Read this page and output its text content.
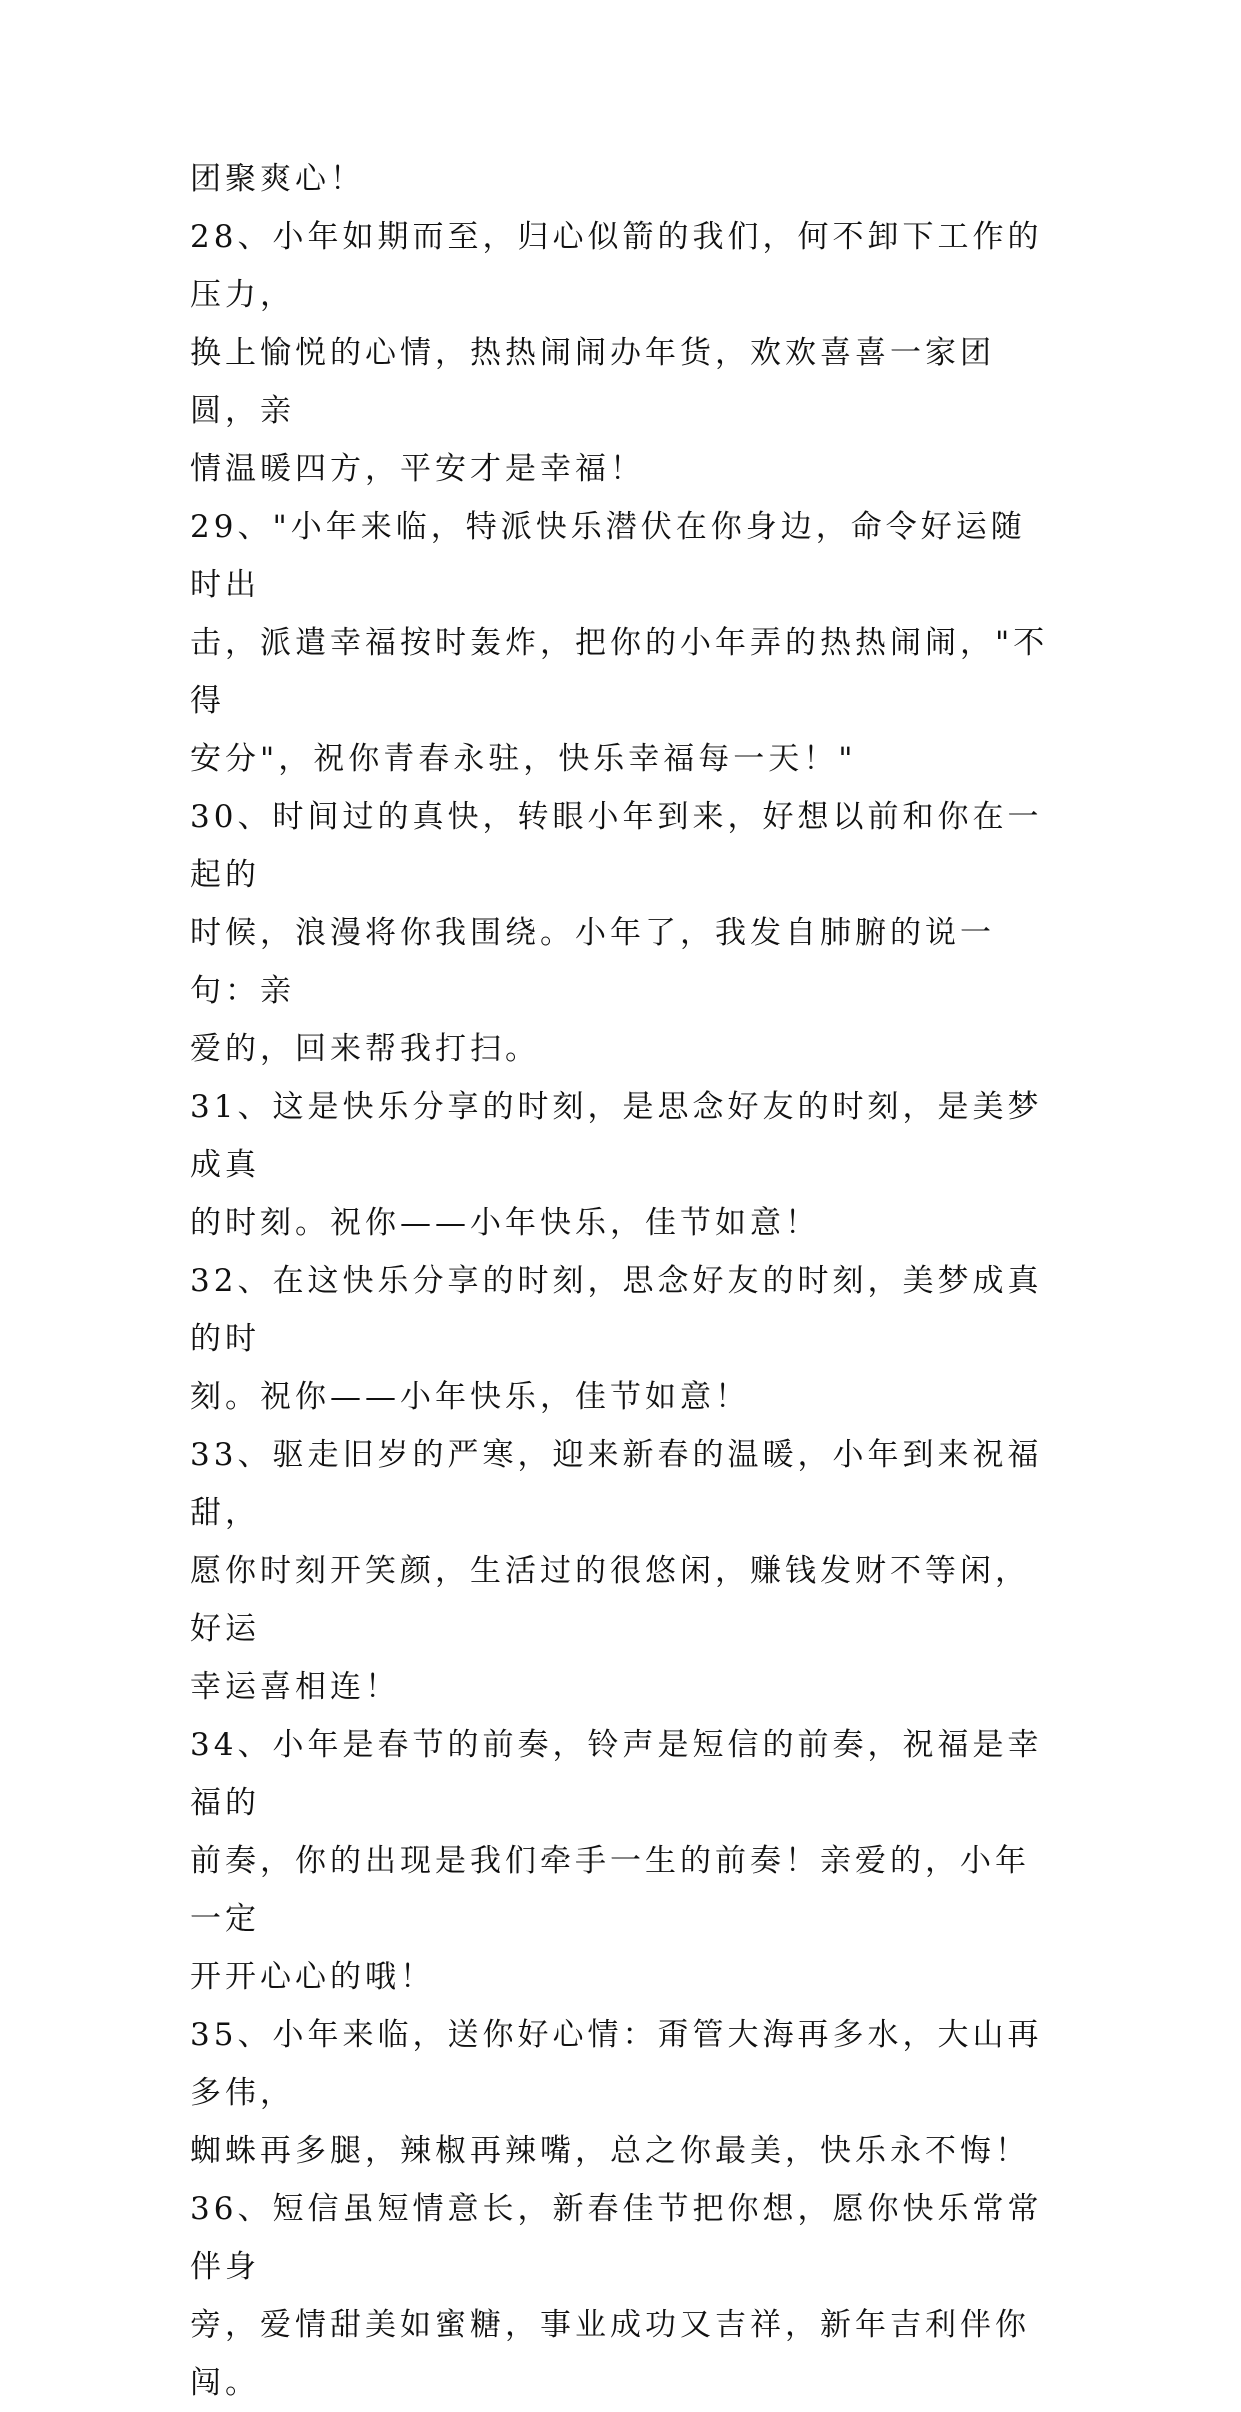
团聚爽心！
28、小年如期而至，归心似箭的我们，何不卸下工作的压力，
换上愉悦的心情，热热闹闹办年货，欢欢喜喜一家团圆，亲
情温暖四方，平安才是幸福！
29、"小年来临，特派快乐潜伏在你身边，命令好运随时出
击，派遣幸福按时轰炸，把你的小年弄的热热闹闹，"不得
安分"，祝你青春永驻，快乐幸福每一天！"
30、时间过的真快，转眼小年到来，好想以前和你在一起的
时候，浪漫将你我围绕。小年了，我发自肺腑的说一句：亲
爱的，回来帮我打扫。
31、这是快乐分享的时刻，是思念好友的时刻，是美梦成真
的时刻。祝你——小年快乐，佳节如意！
32、在这快乐分享的时刻，思念好友的时刻，美梦成真的时
刻。祝你——小年快乐，佳节如意！
33、驱走旧岁的严寒，迎来新春的温暖，小年到来祝福甜，
愿你时刻开笑颜，生活过的很悠闲，赚钱发财不等闲，好运
幸运喜相连！
34、小年是春节的前奏，铃声是短信的前奏，祝福是幸福的
前奏，你的出现是我们牵手一生的前奏！亲爱的，小年一定
开开心心的哦！
35、小年来临，送你好心情：甭管大海再多水，大山再多伟，
蜘蛛再多腿，辣椒再辣嘴，总之你最美，快乐永不悔！
36、短信虽短情意长，新春佳节把你想，愿你快乐常常伴身
旁，爱情甜美如蜜糖，事业成功又吉祥，新年吉利伴你闯。
